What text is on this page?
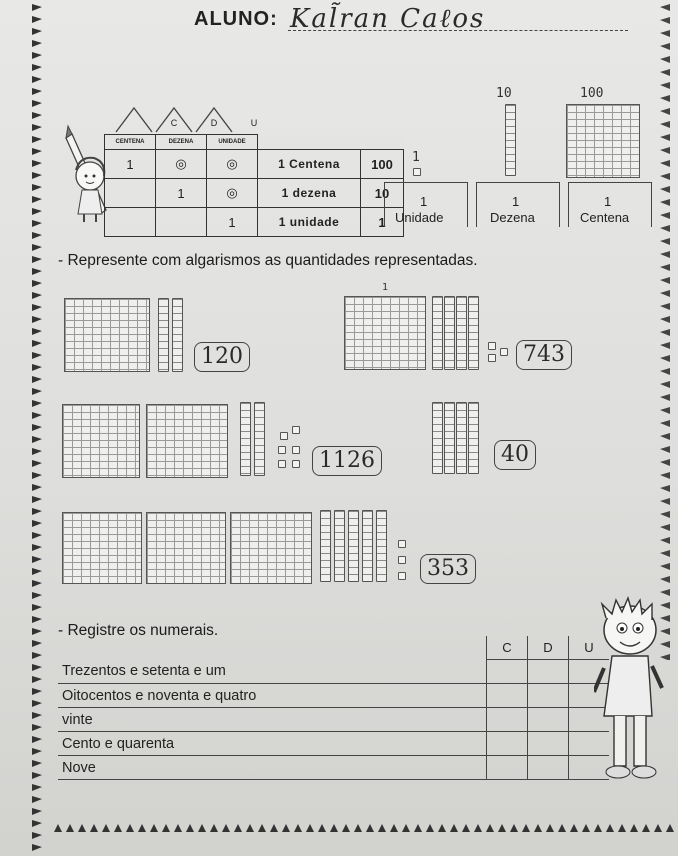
ALUNO: Kal̃ran Caℓos
C	D	U
CENTENA	DEZENA	UNIDADE		
1	◎	◎	1 Centena	100
	1	◎	1 dezena	10
		1	1 unidade	1
1
10	100
1
Unidade
1
Dezena
1
Centena
- Represente com algarismos as quantidades representadas.
120
1
743
1126	40
353
- Registre os numerais.
	C	D	U
Trezentos e setenta e um			
Oitocentos e noventa e quatro			
vinte			
Cento e quarenta			
Nove			
